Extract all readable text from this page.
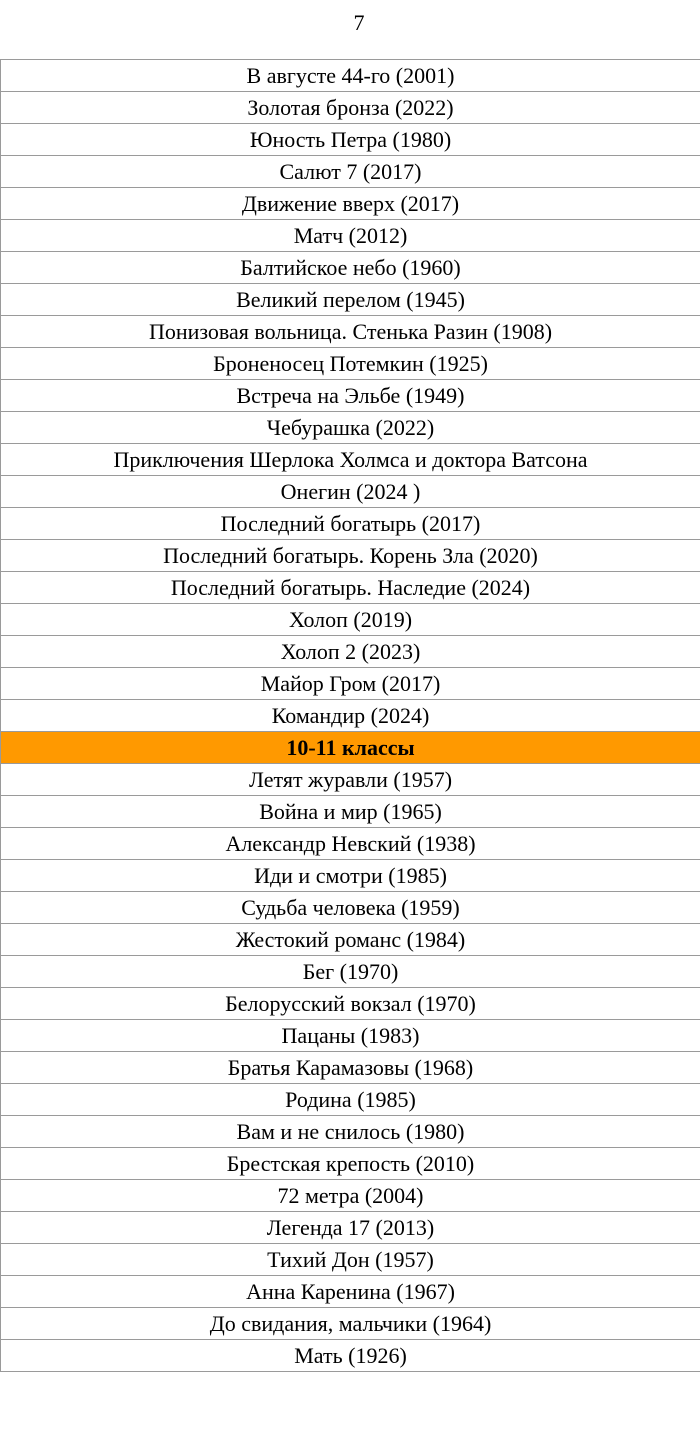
7
В августе 44-го (2001)
Золотая бронза (2022)
Юность Петра (1980)
Салют 7 (2017)
Движение вверх (2017)
Матч (2012)
Балтийское небо (1960)
Великий перелом (1945)
Понизовая вольница. Стенька Разин (1908)
Броненосец Потемкин (1925)
Встреча на Эльбе (1949)
Чебурашка (2022)
Приключения Шерлока Холмса и доктора Ватсона
Онегин (2024 )
Последний богатырь (2017)
Последний богатырь. Корень Зла (2020)
Последний богатырь. Наследие (2024)
Холоп (2019)
Холоп 2 (2023)
Майор Гром (2017)
Командир (2024)
10-11 классы
Летят журавли (1957)
Война и мир (1965)
Александр Невский (1938)
Иди и смотри (1985)
Судьба человека (1959)
Жестокий романс (1984)
Бег (1970)
Белорусский вокзал (1970)
Пацаны (1983)
Братья Карамазовы (1968)
Родина (1985)
Вам и не снилось (1980)
Брестская крепость (2010)
72 метра (2004)
Легенда 17 (2013)
Тихий Дон (1957)
Анна Каренина (1967)
До свидания, мальчики (1964)
Мать (1926)
